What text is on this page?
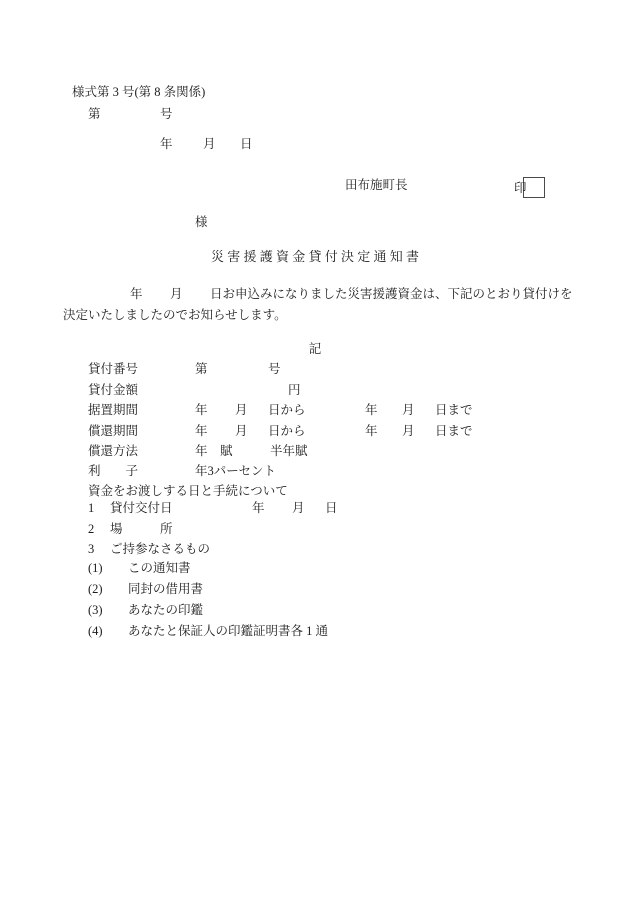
様式第 3 号(第 8 条関係)
第	号
年 月 日
田布施町長	印
様
災 害 援 護 資 金 貸 付 決 定 通 知 書
年 月 日お申込みになりました災害援護資金は、下記のとおり貸付けを
決定いたしましたのでお知らせします。
記
貸付番号	第	号
貸付金額	円
据置期間	年 月 日から	年 月 日まで
償還期間	年 月 日から	年 月 日まで
償還方法	年　賦	半年賦
利　　子	年3パーセント
資金をお渡しする日と手続について
1 貸付交付日	年 月 日
2 場　　　所
3 ご持参なさるもの
(1) この通知書
(2) 同封の借用書
(3) あなたの印鑑
(4) あなたと保証人の印鑑証明書各 1 通
